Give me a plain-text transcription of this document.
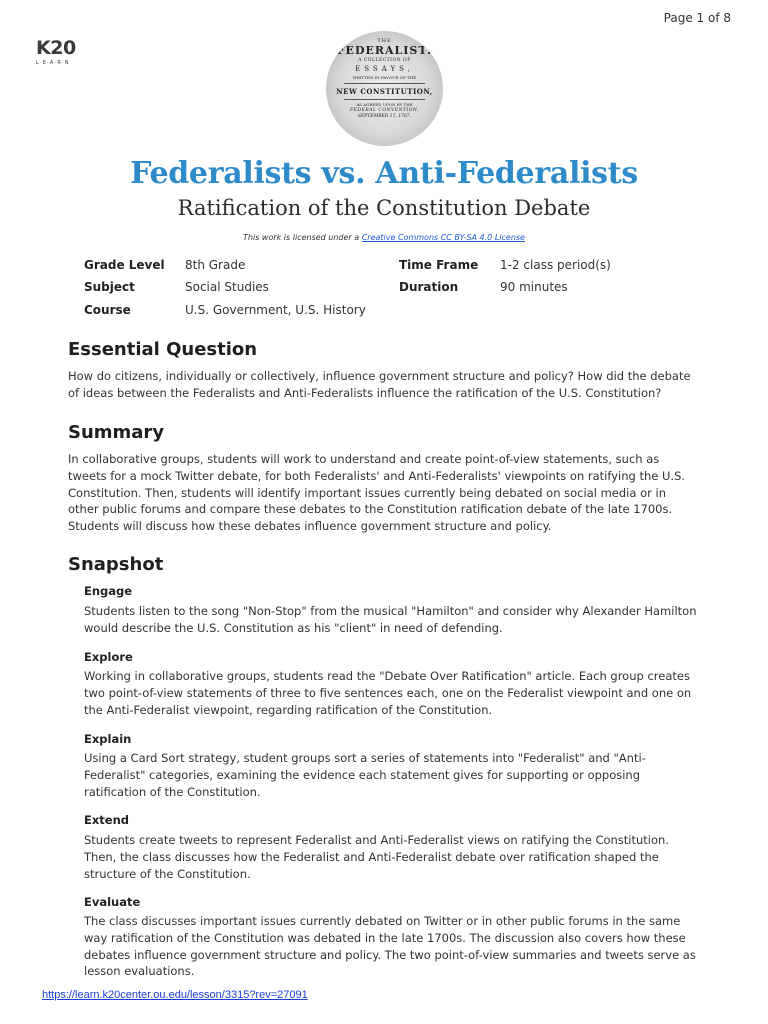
Page 1 of 8
K20
L·E·A·R·N
THE
FEDERALIST:
A COLLECTION OF
ESSAYS,
WRITTEN IN FAVOUR OF THE
NEW CONSTITUTION,
AS AGREED UPON BY THE
FEDERAL CONVENTION,
SEPTEMBER 17, 1787.
Federalists vs. Anti-Federalists
Ratification of the Constitution Debate
This work is licensed under a Creative Commons CC BY-SA 4.0 License
Grade Level 8th Grade	Time Frame 1-2 class period(s)
Subject	Social Studies	Duration	90 minutes
Course	U.S. Government, U.S. History
Essential Question
How do citizens, individually or collectively, influence government structure and policy? How did the debate of ideas between the Federalists and Anti-Federalists influence the ratification of the U.S. Constitution?
Summary
In collaborative groups, students will work to understand and create point-of-view statements, such as tweets for a mock Twitter debate, for both Federalists' and Anti-Federalists' viewpoints on ratifying the U.S. Constitution. Then, students will identify important issues currently being debated on social media or in other public forums and compare these debates to the Constitution ratification debate of the late 1700s. Students will discuss how these debates influence government structure and policy.
Snapshot
Engage
Students listen to the song "Non-Stop" from the musical "Hamilton" and consider why Alexander Hamilton would describe the U.S. Constitution as his "client" in need of defending.
Explore
Working in collaborative groups, students read the "Debate Over Ratification" article. Each group creates two point-of-view statements of three to five sentences each, one on the Federalist viewpoint and one on the Anti-Federalist viewpoint, regarding ratification of the Constitution.
Explain
Using a Card Sort strategy, student groups sort a series of statements into "Federalist" and "Anti-Federalist" categories, examining the evidence each statement gives for supporting or opposing ratification of the Constitution.
Extend
Students create tweets to represent Federalist and Anti-Federalist views on ratifying the Constitution. Then, the class discusses how the Federalist and Anti-Federalist debate over ratification shaped the structure of the Constitution.
Evaluate
The class discusses important issues currently debated on Twitter or in other public forums in the same way ratification of the Constitution was debated in the late 1700s. The discussion also covers how these debates influence government structure and policy. The two point-of-view summaries and tweets serve as lesson evaluations.
https://learn.k20center.ou.edu/lesson/3315?rev=27091
